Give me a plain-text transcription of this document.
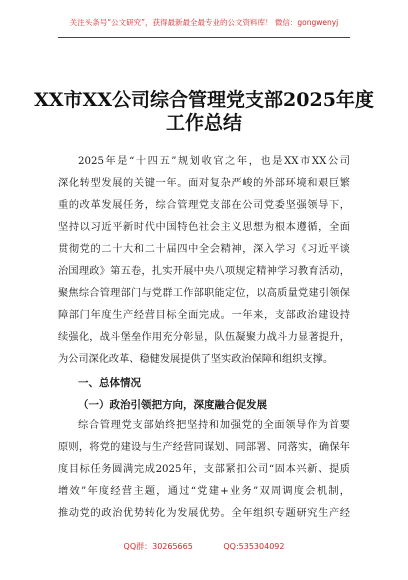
关注头条号“公文研究”，获得最新最全最专业的公文资料库！ 微信：gongwenyj
XX市XX公司综合管理党支部2025年度
工作总结
2025年是“十四五”规划收官之年，也是XX市XX公司
深化转型发展的关键一年。面对复杂严峻的外部环境和艰巨繁
重的改革发展任务，综合管理党支部在公司党委坚强领导下，
坚持以习近平新时代中国特色社会主义思想为根本遵循，全面
贯彻党的二十大和二十届四中全会精神，深入学习《习近平谈
治国理政》第五卷，扎实开展中央八项规定精神学习教育活动，
聚焦综合管理部门与党群工作部职能定位，以高质量党建引领保
障部门年度生产经营目标全面完成。一年来，支部政治建设持
续强化，战斗堡垒作用充分彰显，队伍凝聚力战斗力显著提升，
为公司深化改革、稳健发展提供了坚实政治保障和组织支撑。
一、总体情况
（一）政治引领把方向，深度融合促发展
综合管理党支部始终把坚持和加强党的全面领导作为首要
原则，将党的建设与生产经营同谋划、同部署、同落实，确保年
度目标任务圆满完成2025年，支部紧扣公司“固本兴新、提质
增效”年度经营主题，通过“党建+业务”双周调度会机制，
推动党的政治优势转化为发展优势。全年组织专题研究生产经
QQ群：30265665	QQ:535304092
